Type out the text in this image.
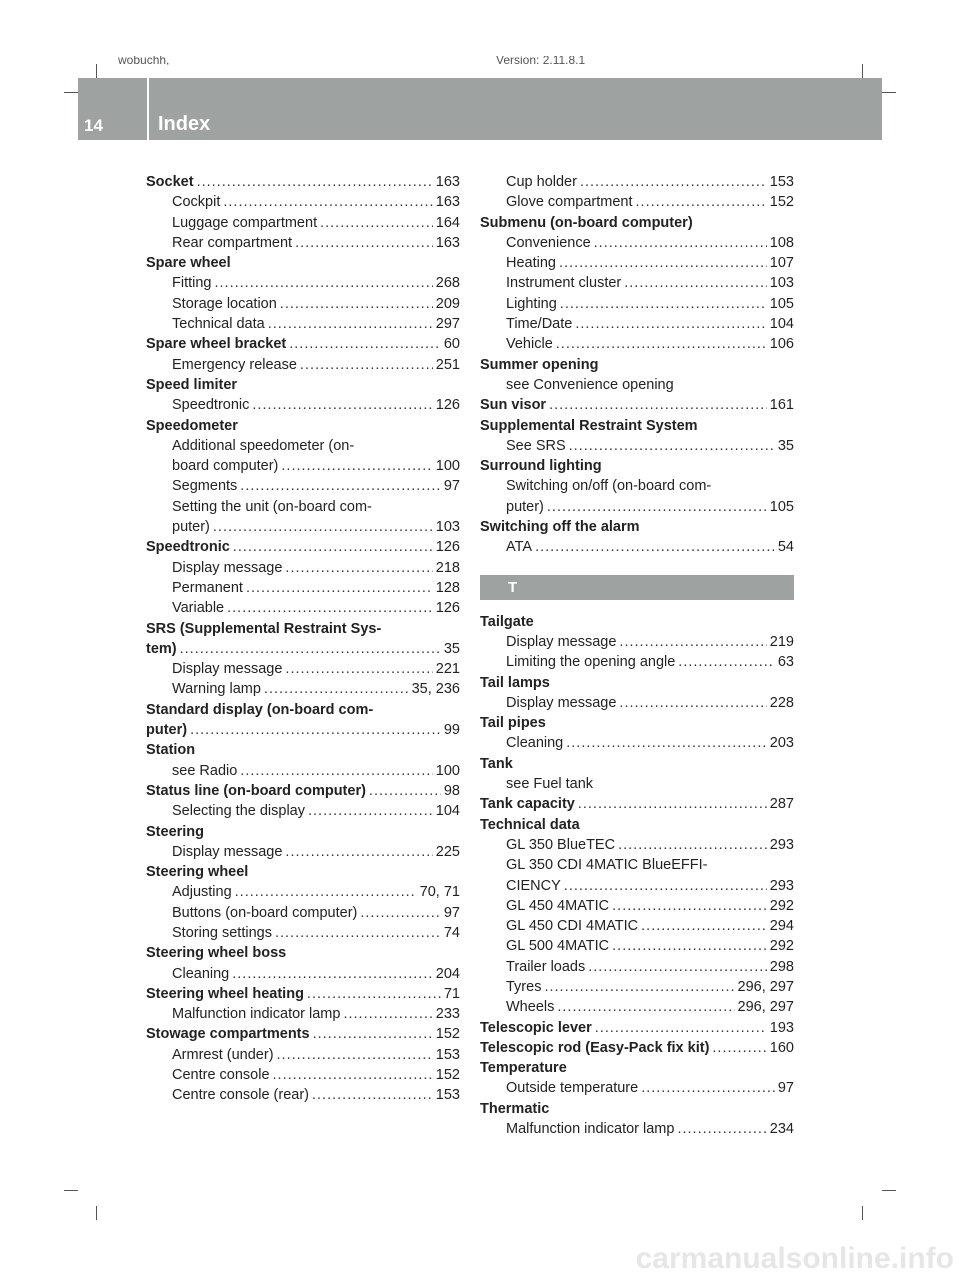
wobuchh,	Version: 2.11.8.1
14	Index
Socket .....	163
Cockpit .....	163
Luggage compartment .....	164
Rear compartment .....	163
Spare wheel
Fitting .....	268
Storage location .....	209
Technical data .....	297
Spare wheel bracket .....	60
Emergency release .....	251
Speed limiter
Speedtronic .....	126
Speedometer
Additional speedometer (on-
board computer) .....	100
Segments .....	97
Setting the unit (on-board com-
puter) .....	103
Speedtronic .....	126
Display message .....	218
Permanent .....	128
Variable .....	126
SRS (Supplemental Restraint Sys-
tem) .....	35
Display message .....	221
Warning lamp .....	35, 236
Standard display (on-board com-
puter) .....	99
Station
see Radio .....	100
Status line (on-board computer) .....	98
Selecting the display .....	104
Steering
Display message .....	225
Steering wheel
Adjusting .....	70, 71
Buttons (on-board computer) .....	97
Storing settings .....	74
Steering wheel boss
Cleaning .....	204
Steering wheel heating .....	71
Malfunction indicator lamp .....	233
Stowage compartments .....	152
Armrest (under) .....	153
Centre console .....	152
Centre console (rear) .....	153
Cup holder .....	153
Glove compartment .....	152
Submenu (on-board computer)
Convenience .....	108
Heating .....	107
Instrument cluster .....	103
Lighting .....	105
Time/Date .....	104
Vehicle .....	106
Summer opening
see Convenience opening
Sun visor .....	161
Supplemental Restraint System
See SRS .....	35
Surround lighting
Switching on/off (on-board com-
puter) .....	105
Switching off the alarm
ATA .....	54
T
Tailgate
Display message .....	219
Limiting the opening angle .....	63
Tail lamps
Display message .....	228
Tail pipes
Cleaning .....	203
Tank
see Fuel tank
Tank capacity .....	287
Technical data
GL 350 BlueTEC .....	293
GL 350 CDI 4MATIC BlueEFFI-
CIENCY .....	293
GL 450 4MATIC .....	292
GL 450 CDI 4MATIC .....	294
GL 500 4MATIC .....	292
Trailer loads .....	298
Tyres .....	296, 297
Wheels .....	296, 297
Telescopic lever .....	193
Telescopic rod (Easy-Pack fix kit) .....	160
Temperature
Outside temperature .....	97
Thermatic
Malfunction indicator lamp .....	234
carmanualsonline.info
